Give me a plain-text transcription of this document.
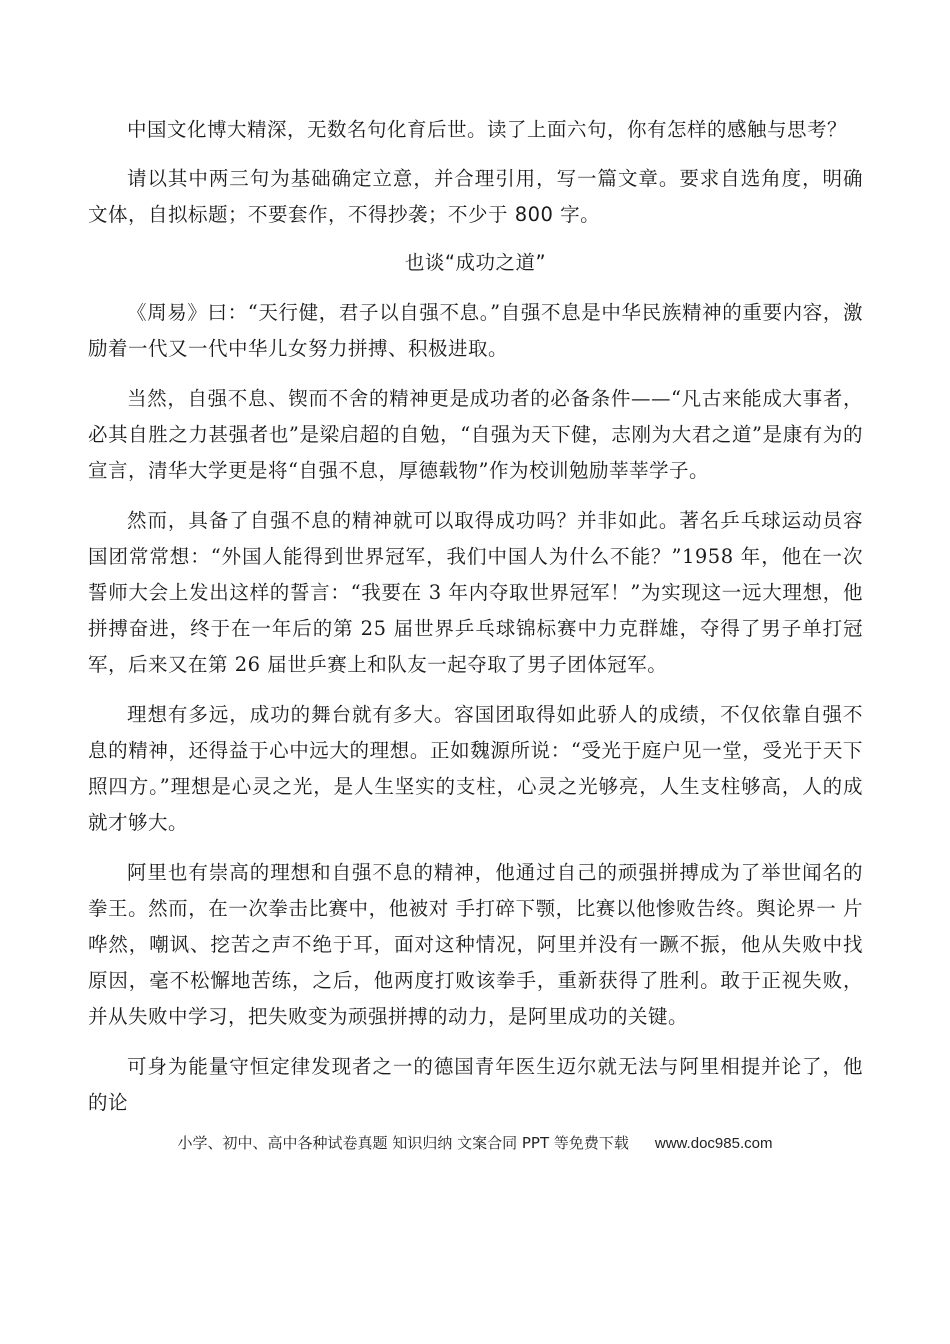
中国文化博大精深，无数名句化育后世。读了上面六句，你有怎样的感触与思考？

请以其中两三句为基础确定立意，并合理引用，写一篇文章。要求自选角度，明确文体，自拟标题；不要套作，不得抄袭；不少于 800 字。

也谈“成功之道”

《周易》曰：“天行健，君子以自强不息。”自强不息是中华民族精神的重要内容，激励着一代又一代中华儿女努力拼搏、积极进取。

当然，自强不息、锲而不舍的精神更是成功者的必备条件——“凡古来能成大事者，必其自胜之力甚强者也”是梁启超的自勉，“自强为天下健，志刚为大君之道”是康有为的宣言，清华大学更是将“自强不息，厚德载物”作为校训勉励莘莘学子。

然而，具备了自强不息的精神就可以取得成功吗？并非如此。著名乒乓球运动员容国团常常想：“外国人能得到世界冠军，我们中国人为什么不能？”1958 年，他在一次誓师大会上发出这样的誓言：“我要在 3 年内夺取世界冠军！”为实现这一远大理想，他拼搏奋进，终于在一年后的第 25 届世界乒乓球锦标赛中力克群雄，夺得了男子单打冠军，后来又在第 26 届世乒赛上和队友一起夺取了男子团体冠军。

理想有多远，成功的舞台就有多大。容国团取得如此骄人的成绩，不仅依靠自强不息的精神，还得益于心中远大的理想。正如魏源所说：“受光于庭户见一堂，受光于天下照四方。”理想是心灵之光，是人生坚实的支柱，心灵之光够亮，人生支柱够高，人的成就才够大。

阿里也有崇高的理想和自强不息的精神，他通过自己的顽强拼搏成为了举世闻名的拳王。然而，在一次拳击比赛中，他被对 手打碎下颚，比赛以他惨败告终。舆论界一 片哗然，嘲讽、挖苦之声不绝于耳，面对这种情况，阿里并没有一蹶不振，他从失败中找原因，毫不松懈地苦练，之后，他两度打败该拳手，重新获得了胜利。敢于正视失败，并从失败中学习，把失败变为顽强拼搏的动力，是阿里成功的关键。

可身为能量守恒定律发现者之一的德国青年医生迈尔就无法与阿里相提并论了，他的论

小学、初中、高中各种试卷真题 知识归纳 文案合同 PPT 等免费下载 www.doc985.com
